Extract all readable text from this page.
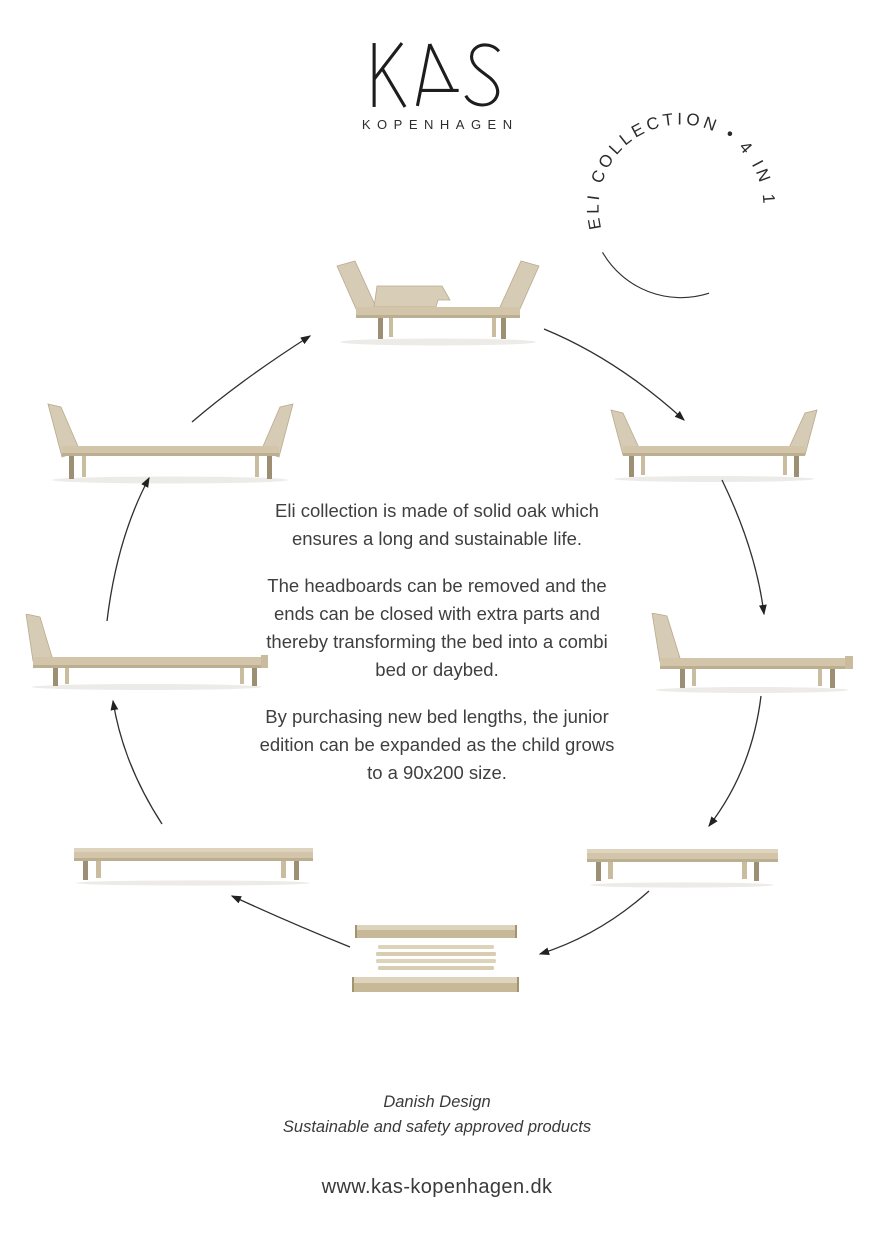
KOPENHAGEN
ELI COLLECTION • 4 IN 1

Eli collection is made of solid oak which ensures a long and sustainable life.

The headboards can be removed and the ends can be closed with extra parts and thereby transforming the bed into a combi bed or daybed.

By purchasing new bed lengths, the junior edition can be expanded as the child grows to a 90x200 size.

Danish Design
Sustainable and safety approved products
www.kas-kopenhagen.dk
